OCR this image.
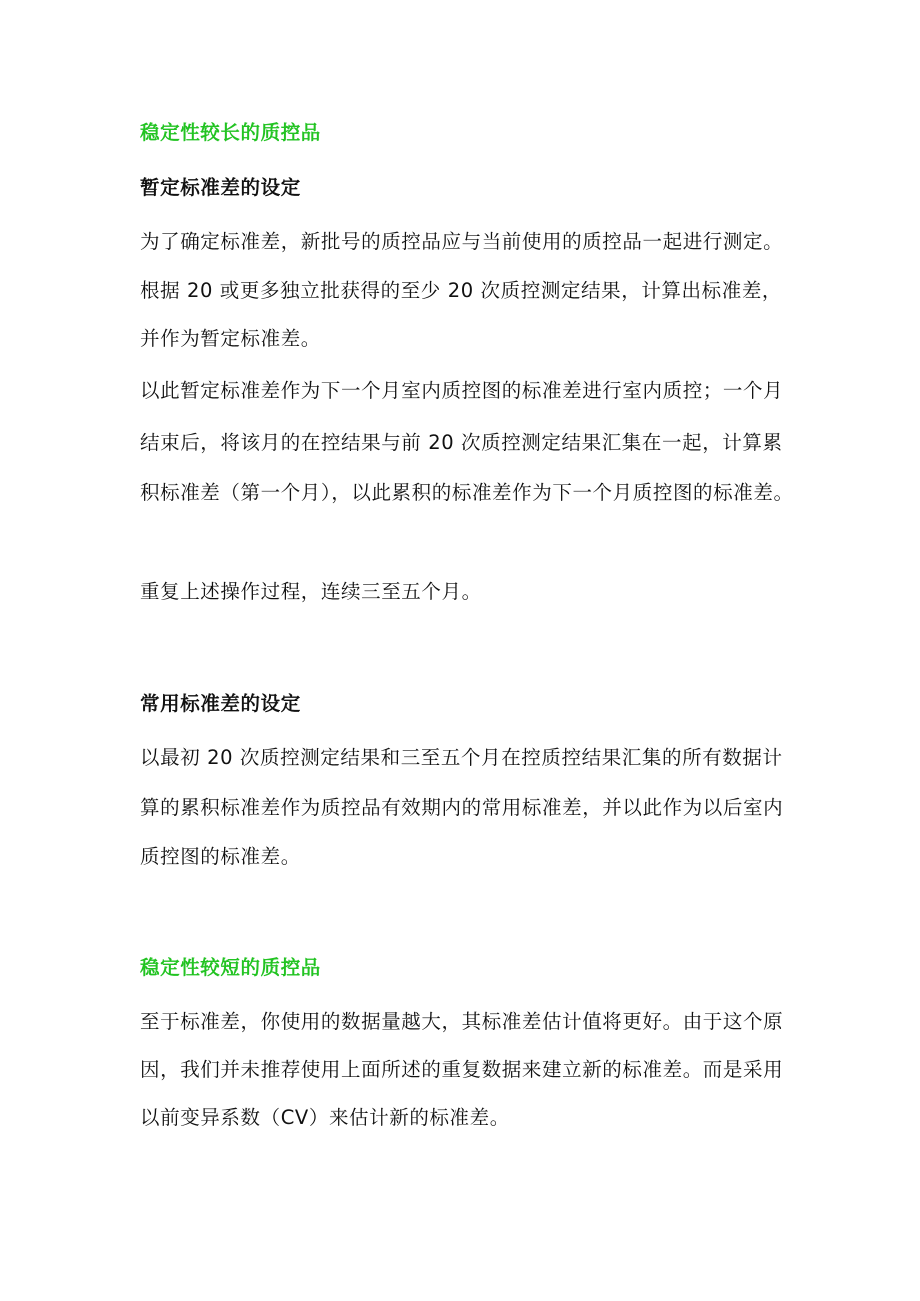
稳定性较长的质控品
暂定标准差的设定
为了确定标准差，新批号的质控品应与当前使用的质控品一起进行测定。
根据 20 或更多独立批获得的至少 20 次质控测定结果，计算出标准差，
并作为暂定标准差。
以此暂定标准差作为下一个月室内质控图的标准差进行室内质控；一个月
结束后，将该月的在控结果与前 20 次质控测定结果汇集在一起，计算累
积标准差（第一个月），以此累积的标准差作为下一个月质控图的标准差。
重复上述操作过程，连续三至五个月。
常用标准差的设定
以最初 20 次质控测定结果和三至五个月在控质控结果汇集的所有数据计
算的累积标准差作为质控品有效期内的常用标准差，并以此作为以后室内
质控图的标准差。
稳定性较短的质控品
至于标准差，你使用的数据量越大，其标准差估计值将更好。由于这个原
因，我们并未推荐使用上面所述的重复数据来建立新的标准差。而是采用
以前变异系数（CV）来估计新的标准差。
